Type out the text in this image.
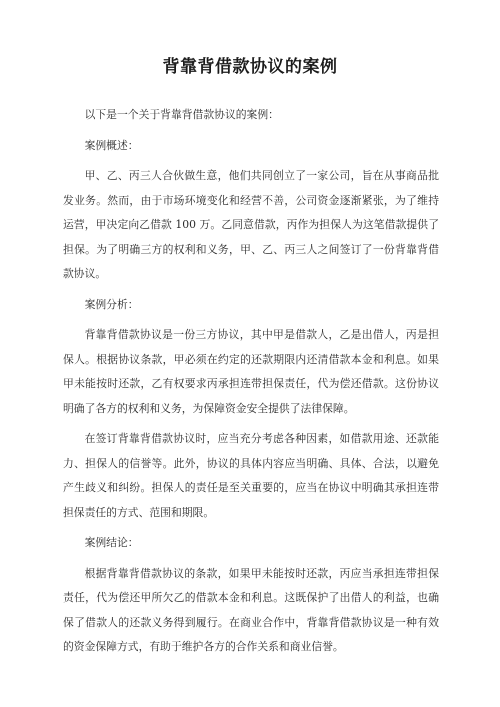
背靠背借款协议的案例

以下是一个关于背靠背借款协议的案例：

案例概述：

甲、乙、丙三人合伙做生意，他们共同创立了一家公司，旨在从事商品批发业务。然而，由于市场环境变化和经营不善，公司资金逐渐紧张，为了维持运营，甲决定向乙借款 100 万。乙同意借款，丙作为担保人为这笔借款提供了担保。为了明确三方的权利和义务，甲、乙、丙三人之间签订了一份背靠背借款协议。

案例分析：

背靠背借款协议是一份三方协议，其中甲是借款人，乙是出借人，丙是担保人。根据协议条款，甲必须在约定的还款期限内还清借款本金和利息。如果甲未能按时还款，乙有权要求丙承担连带担保责任，代为偿还借款。这份协议明确了各方的权利和义务，为保障资金安全提供了法律保障。

在签订背靠背借款协议时，应当充分考虑各种因素，如借款用途、还款能力、担保人的信誉等。此外，协议的具体内容应当明确、具体、合法，以避免产生歧义和纠纷。担保人的责任是至关重要的，应当在协议中明确其承担连带担保责任的方式、范围和期限。

案例结论：

根据背靠背借款协议的条款，如果甲未能按时还款，丙应当承担连带担保责任，代为偿还甲所欠乙的借款本金和利息。这既保护了出借人的利益，也确保了借款人的还款义务得到履行。在商业合作中，背靠背借款协议是一种有效的资金保障方式，有助于维护各方的合作关系和商业信誉。
